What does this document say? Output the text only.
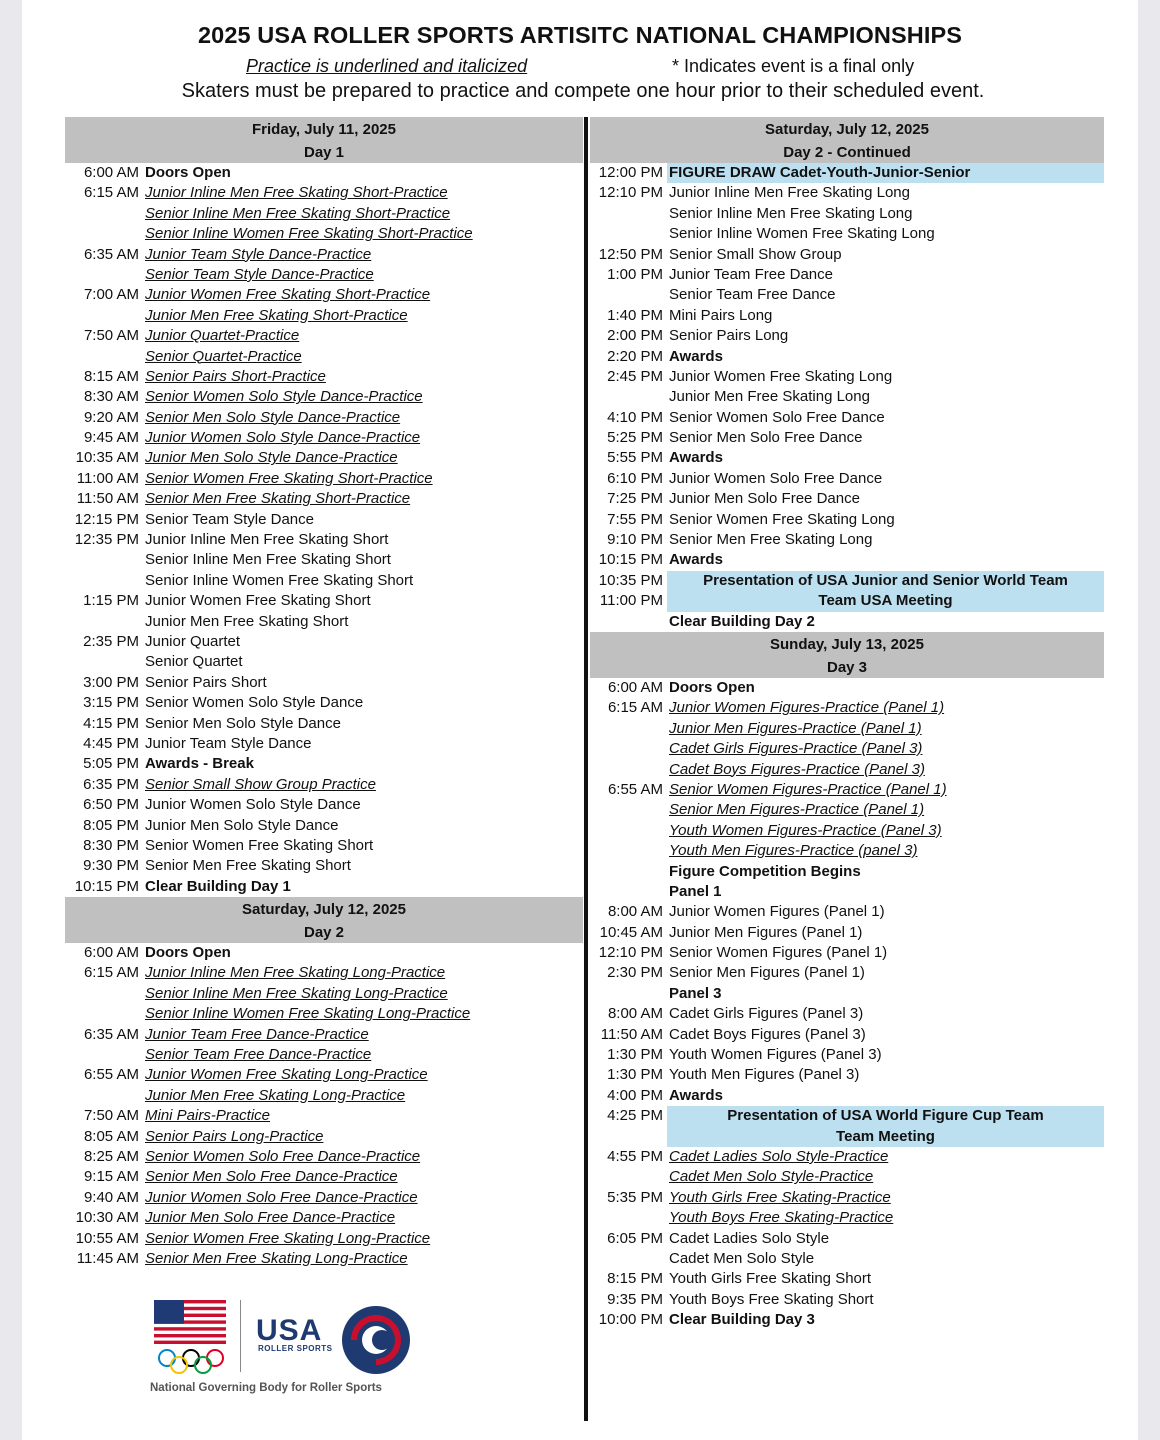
2025 USA ROLLER SPORTS ARTISITC NATIONAL CHAMPIONSHIPS
Practice is underlined and italicized	* Indicates event is a final only
Skaters must be prepared to practice and compete one hour prior to their scheduled event.
Friday, July 11, 2025
Day 1
6:00 AM Doors Open
6:15 AM Junior Inline Men Free Skating Short-Practice
Senior Inline Men Free Skating Short-Practice
Senior Inline Women Free Skating Short-Practice
6:35 AM Junior Team Style Dance-Practice
Senior Team Style Dance-Practice
7:00 AM Junior Women Free Skating Short-Practice
Junior Men Free Skating Short-Practice
7:50 AM Junior Quartet-Practice
Senior Quartet-Practice
8:15 AM Senior Pairs Short-Practice
8:30 AM Senior Women Solo Style Dance-Practice
9:20 AM Senior Men Solo Style Dance-Practice
9:45 AM Junior Women Solo Style Dance-Practice
10:35 AM Junior Men Solo Style Dance-Practice
11:00 AM Senior Women Free Skating Short-Practice
11:50 AM Senior Men Free Skating Short-Practice
12:15 PM Senior Team Style Dance
12:35 PM Junior Inline Men Free Skating Short
Senior Inline Men Free Skating Short
Senior Inline Women Free Skating Short
1:15 PM Junior Women Free Skating Short
Junior Men Free Skating Short
2:35 PM Junior Quartet
Senior Quartet
3:00 PM Senior Pairs Short
3:15 PM Senior Women Solo Style Dance
4:15 PM Senior Men Solo Style Dance
4:45 PM Junior Team Style Dance
5:05 PM Awards - Break
6:35 PM Senior Small Show Group Practice
6:50 PM Junior Women Solo Style Dance
8:05 PM Junior Men Solo Style Dance
8:30 PM Senior Women Free Skating Short
9:30 PM Senior Men Free Skating Short
10:15 PM Clear Building Day 1
Saturday, July 12, 2025
Day 2
6:00 AM Doors Open
6:15 AM Junior Inline Men Free Skating Long-Practice
Senior Inline Men Free Skating Long-Practice
Senior Inline Women Free Skating Long-Practice
6:35 AM Junior Team Free Dance-Practice
Senior Team Free Dance-Practice
6:55 AM Junior Women Free Skating Long-Practice
Junior Men Free Skating Long-Practice
7:50 AM Mini Pairs-Practice
8:05 AM Senior Pairs Long-Practice
8:25 AM Senior Women Solo Free Dance-Practice
9:15 AM Senior Men Solo Free Dance-Practice
9:40 AM Junior Women Solo Free Dance-Practice
10:30 AM Junior Men Solo Free Dance-Practice
10:55 AM Senior Women Free Skating Long-Practice
11:45 AM Senior Men Free Skating Long-Practice
Saturday, July 12, 2025
Day 2 - Continued
12:00 PM FIGURE DRAW Cadet-Youth-Junior-Senior
12:10 PM Junior Inline Men Free Skating Long
Senior Inline Men Free Skating Long
Senior Inline Women Free Skating Long
12:50 PM Senior Small Show Group
1:00 PM Junior Team Free Dance
Senior Team Free Dance
1:40 PM Mini Pairs Long
2:00 PM Senior Pairs Long
2:20 PM Awards
2:45 PM Junior Women Free Skating Long
Junior Men Free Skating Long
4:10 PM Senior Women Solo Free Dance
5:25 PM Senior Men Solo Free Dance
5:55 PM Awards
6:10 PM Junior Women Solo Free Dance
7:25 PM Junior Men Solo Free Dance
7:55 PM Senior Women Free Skating Long
9:10 PM Senior Men Free Skating Long
10:15 PM Awards
10:35 PM
11:00 PM
Presentation of USA Junior and Senior World Team
Team USA Meeting
Clear Building Day 2
Sunday, July 13, 2025
Day 3
6:00 AM Doors Open
6:15 AM Junior Women Figures-Practice (Panel 1)
Junior Men Figures-Practice (Panel 1)
Cadet Girls Figures-Practice (Panel 3)
Cadet Boys Figures-Practice (Panel 3)
6:55 AM Senior Women Figures-Practice (Panel 1)
Senior Men Figures-Practice (Panel 1)
Youth Women Figures-Practice (Panel 3)
Youth Men Figures-Practice (panel 3)
Figure Competition Begins
Panel 1
8:00 AM Junior Women Figures (Panel 1)
10:45 AM Junior Men Figures (Panel 1)
12:10 PM Senior Women Figures (Panel 1)
2:30 PM Senior Men Figures (Panel 1)
Panel 3
8:00 AM Cadet Girls Figures (Panel 3)
11:50 AM Cadet Boys Figures (Panel 3)
1:30 PM Youth Women Figures (Panel 3)
1:30 PM Youth Men Figures (Panel 3)
4:00 PM Awards
4:25 PM	Presentation of USA World Figure Cup Team
Team Meeting
4:55 PM Cadet Ladies Solo Style-Practice
Cadet Men Solo Style-Practice
5:35 PM Youth Girls Free Skating-Practice
Youth Boys Free Skating-Practice
6:05 PM Cadet Ladies Solo Style
Cadet Men Solo Style
8:15 PM Youth Girls Free Skating Short
9:35 PM Youth Boys Free Skating Short
10:00 PM Clear Building Day 3
USA
ROLLER SPORTS
National Governing Body for Roller Sports
